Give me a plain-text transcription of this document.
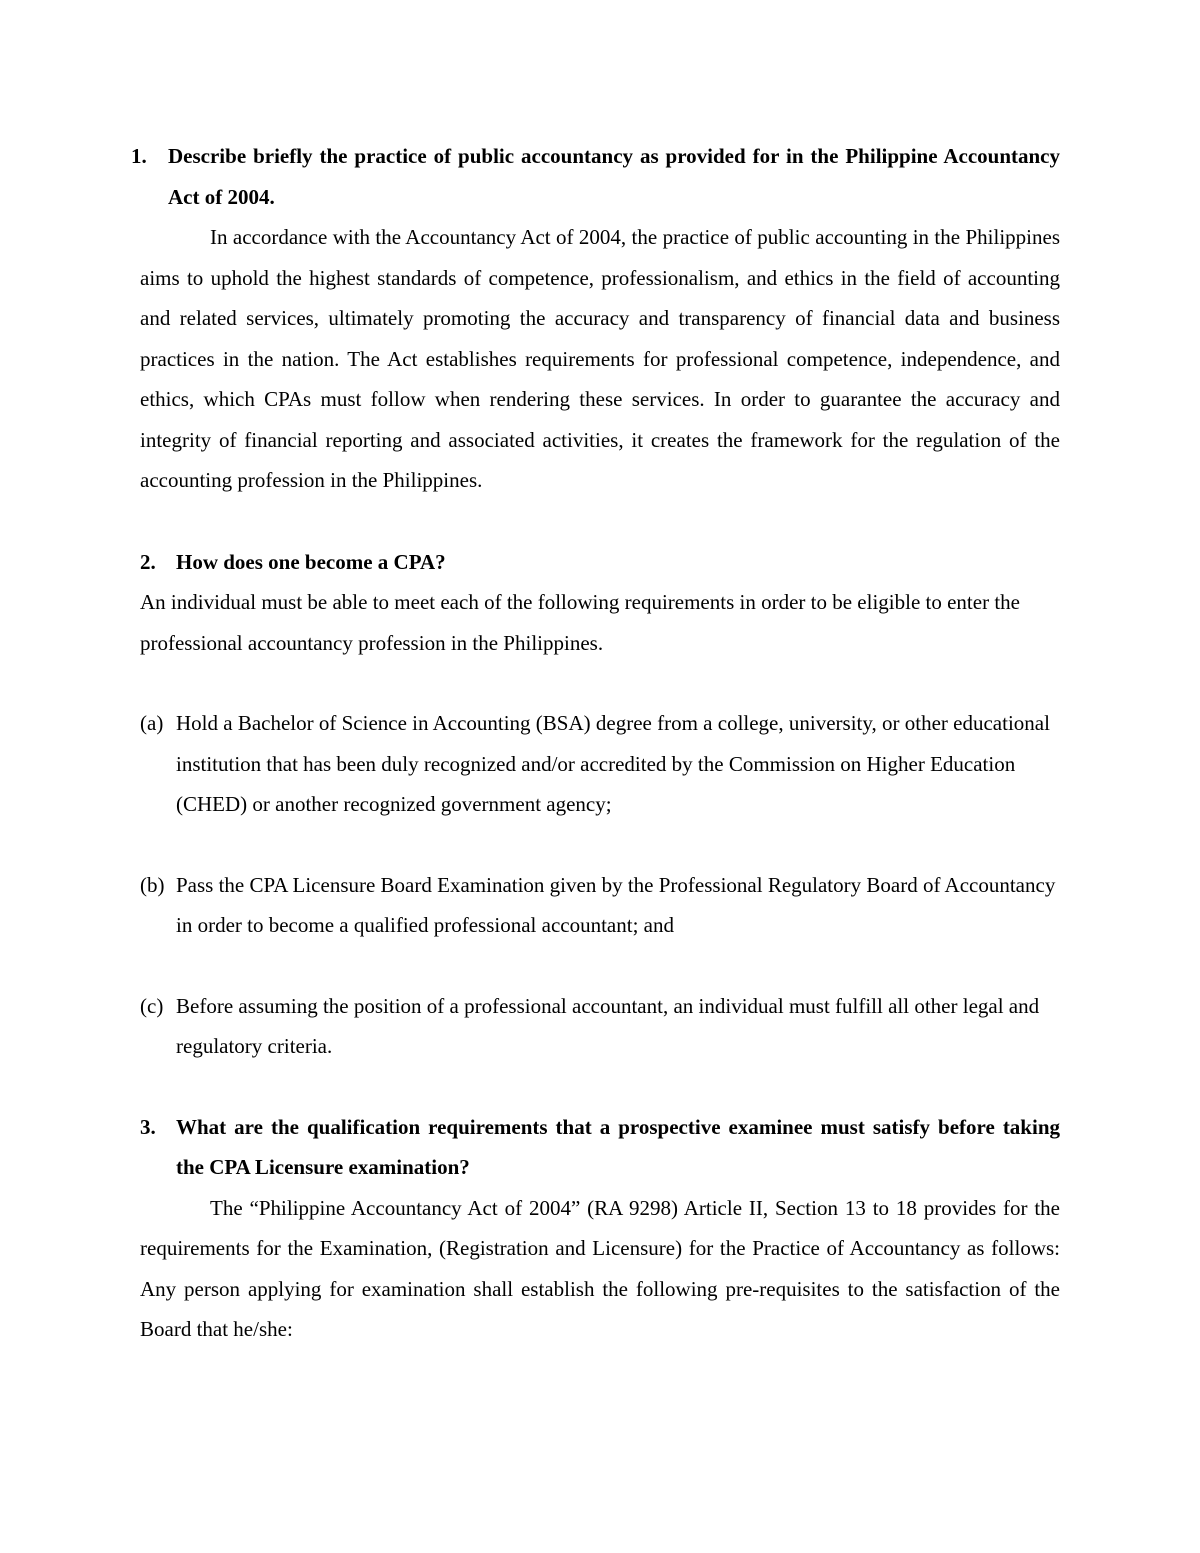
1. Describe briefly the practice of public accountancy as provided for in the Philippine Accountancy Act of 2004.
In accordance with the Accountancy Act of 2004, the practice of public accounting in the Philippines aims to uphold the highest standards of competence, professionalism, and ethics in the field of accounting and related services, ultimately promoting the accuracy and transparency of financial data and business practices in the nation. The Act establishes requirements for professional competence, independence, and ethics, which CPAs must follow when rendering these services. In order to guarantee the accuracy and integrity of financial reporting and associated activities, it creates the framework for the regulation of the accounting profession in the Philippines.
2. How does one become a CPA?
An individual must be able to meet each of the following requirements in order to be eligible to enter the professional accountancy profession in the Philippines.
(a) Hold a Bachelor of Science in Accounting (BSA) degree from a college, university, or other educational institution that has been duly recognized and/or accredited by the Commission on Higher Education (CHED) or another recognized government agency;
(b) Pass the CPA Licensure Board Examination given by the Professional Regulatory Board of Accountancy in order to become a qualified professional accountant; and
(c) Before assuming the position of a professional accountant, an individual must fulfill all other legal and regulatory criteria.
3. What are the qualification requirements that a prospective examinee must satisfy before taking the CPA Licensure examination?
The “Philippine Accountancy Act of 2004” (RA 9298) Article II, Section 13 to 18 provides for the requirements for the Examination, (Registration and Licensure) for the Practice of Accountancy as follows: Any person applying for examination shall establish the following pre-requisites to the satisfaction of the Board that he/she:
